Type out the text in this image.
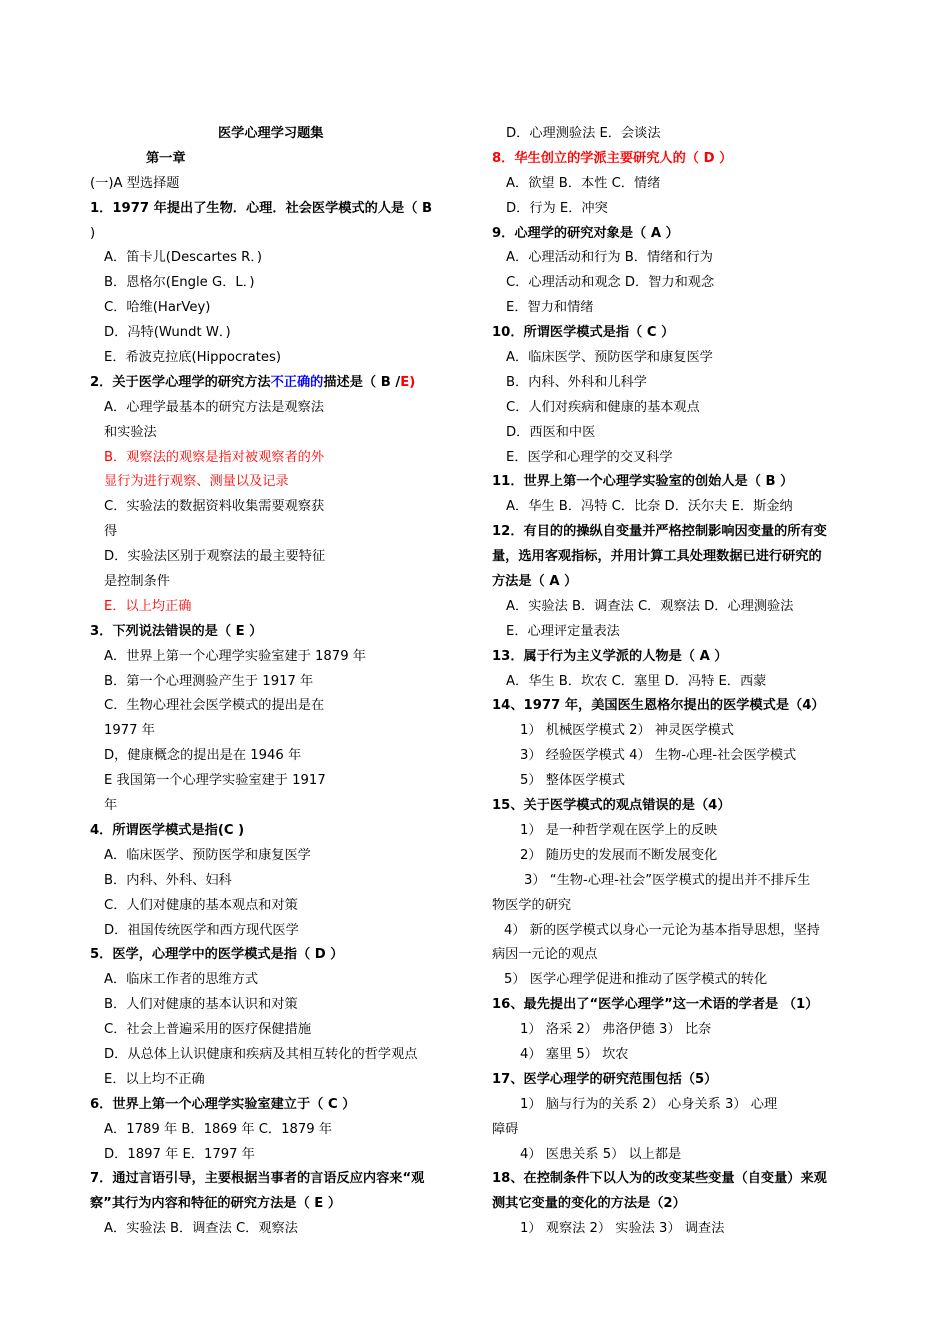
医学心理学习题集
第一章
(一)A 型选择题
1．1977 年提出了生物．心理．社会医学模式的人是（ B
)
A．笛卡儿(Descartes R．)
B．恩格尔(Engle G．L．)
C．哈维(HarVey)
D．冯特(Wundt W．)
E．希波克拉底(Hippocrates)
2．关于医学心理学的研究方法不正确的描述是（ B /E)
A．心理学最基本的研究方法是观察法
和实验法
B．观察法的观察是指对被观察者的外
显行为进行观察、测量以及记录
C．实验法的数据资料收集需要观察获
得
D．实验法区别于观察法的最主要特征
是控制条件
E．以上均正确
3．下列说法错误的是（ E ）
A．世界上第一个心理学实验室建于 1879 年
B．第一个心理测验产生于 1917 年
C．生物心理社会医学模式的提出是在
1977 年
D，健康概念的提出是在 1946 年
E 我国第一个心理学实验室建于 1917
年
4．所谓医学模式是指(C )
A．临床医学、预防医学和康复医学
B．内科、外科、妇科
C．人们对健康的基本观点和对策
D．祖国传统医学和西方现代医学
5．医学，心理学中的医学模式是指（ D ）
A．临床工作者的思维方式
B．人们对健康的基本认识和对策
C．社会上普遍采用的医疗保健措施
D．从总体上认识健康和疾病及其相互转化的哲学观点
E．以上均不正确
6．世界上第一个心理学实验室建立于（ C ）
A．1789 年 B．1869 年 C．1879 年
D．1897 年 E．1797 年
7．通过言语引导，主要根据当事者的言语反应内容来“观
察”其行为内容和特征的研究方法是（ E ）
A．实验法 B．调查法 C．观察法
D．心理测验法 E．会谈法
8．华生创立的学派主要研究人的（ D ）
A．欲望 B．本性 C．情绪
D．行为 E．冲突
9．心理学的研究对象是（ A ）
A．心理活动和行为 B．情绪和行为
C．心理活动和观念 D．智力和观念
E．智力和情绪
10．所谓医学模式是指（ C ）
A．临床医学、预防医学和康复医学
B．内科、外科和儿科学
C．人们对疾病和健康的基本观点
D．西医和中医
E．医学和心理学的交叉科学
11．世界上第一个心理学实验室的创始人是（ B ）
A．华生 B．冯特 C．比奈 D．沃尔夫 E．斯金纳
12．有目的的操纵自变量并严格控制影响因变量的所有变
量，选用客观指标，并用计算工具处理数据已进行研究的
方法是（ A ）
A．实验法 B．调查法 C．观察法 D．心理测验法
E．心理评定量表法
13．属于行为主义学派的人物是（ A ）
A．华生 B．坎农 C．塞里 D．冯特 E．西蒙
14、1977 年，美国医生恩格尔提出的医学模式是（4）
1） 机械医学模式 2） 神灵医学模式
3） 经验医学模式 4） 生物-心理-社会医学模式
5） 整体医学模式
15、关于医学模式的观点错误的是（4）
1） 是一种哲学观在医学上的反映
2） 随历史的发展而不断发展变化
3） “生物-心理-社会”医学模式的提出并不排斥生
物医学的研究
4） 新的医学模式以身心一元论为基本指导思想，坚持
病因一元论的观点
5） 医学心理学促进和推动了医学模式的转化
16、最先提出了“医学心理学”这一术语的学者是 （1）
1） 洛采 2） 弗洛伊德 3） 比奈
4） 塞里 5） 坎农
17、医学心理学的研究范围包括（5）
1） 脑与行为的关系 2） 心身关系 3） 心理
障碍
4） 医患关系 5） 以上都是
18、在控制条件下以人为的改变某些变量（自变量）来观
测其它变量的变化的方法是（2）
1） 观察法 2） 实验法 3） 调查法
